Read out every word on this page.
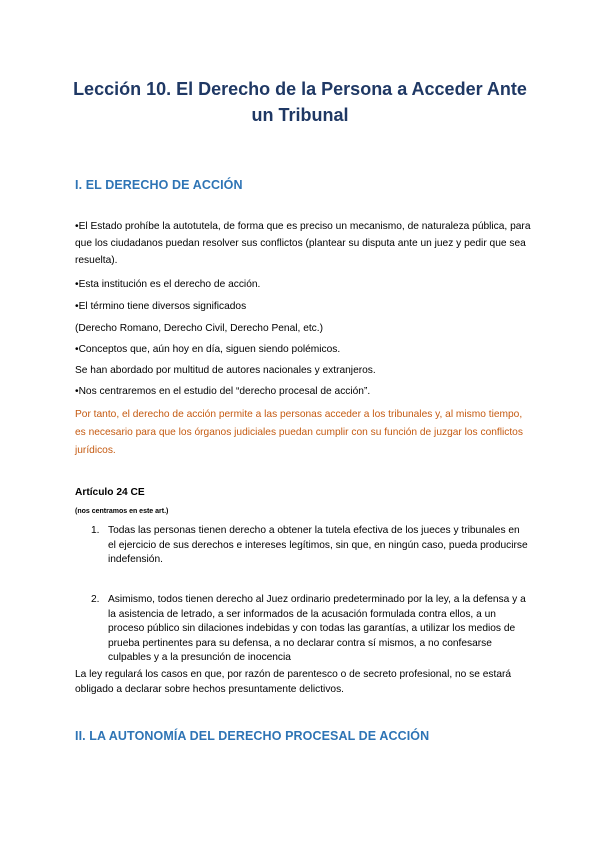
Lección 10. El Derecho de la Persona a Acceder Ante un Tribunal
I. EL DERECHO DE ACCIÓN

•El Estado prohíbe la autotutela, de forma que es preciso un mecanismo, de naturaleza pública, para que los ciudadanos puedan resolver sus conflictos (plantear su disputa ante un juez y pedir que sea resuelta).

•Esta institución es el derecho de acción.

•El término tiene diversos significados

(Derecho Romano, Derecho Civil, Derecho Penal, etc.)

•Conceptos que, aún hoy en día, siguen siendo polémicos.

Se han abordado por multitud de autores nacionales y extranjeros.

•Nos centraremos en el estudio del “derecho procesal de acción”.

Por tanto, el derecho de acción permite a las personas acceder a los tribunales y, al mismo tiempo, es necesario para que los órganos judiciales puedan cumplir con su función de juzgar los conflictos jurídicos.

Artículo 24 CE

(nos centramos en este art.)

1. Todas las personas tienen derecho a obtener la tutela efectiva de los jueces y tribunales en el ejercicio de sus derechos e intereses legítimos, sin que, en ningún caso, pueda producirse indefensión.
2. Asimismo, todos tienen derecho al Juez ordinario predeterminado por la ley, a la defensa y a la asistencia de letrado, a ser informados de la acusación formulada contra ellos, a un proceso público sin dilaciones indebidas y con todas las garantías, a utilizar los medios de prueba pertinentes para su defensa, a no declarar contra sí mismos, a no confesarse culpables y a la presunción de inocencia

La ley regulará los casos en que, por razón de parentesco o de secreto profesional, no se estará obligado a declarar sobre hechos presuntamente delictivos.

II. LA AUTONOMÍA DEL DERECHO PROCESAL DE ACCIÓN
